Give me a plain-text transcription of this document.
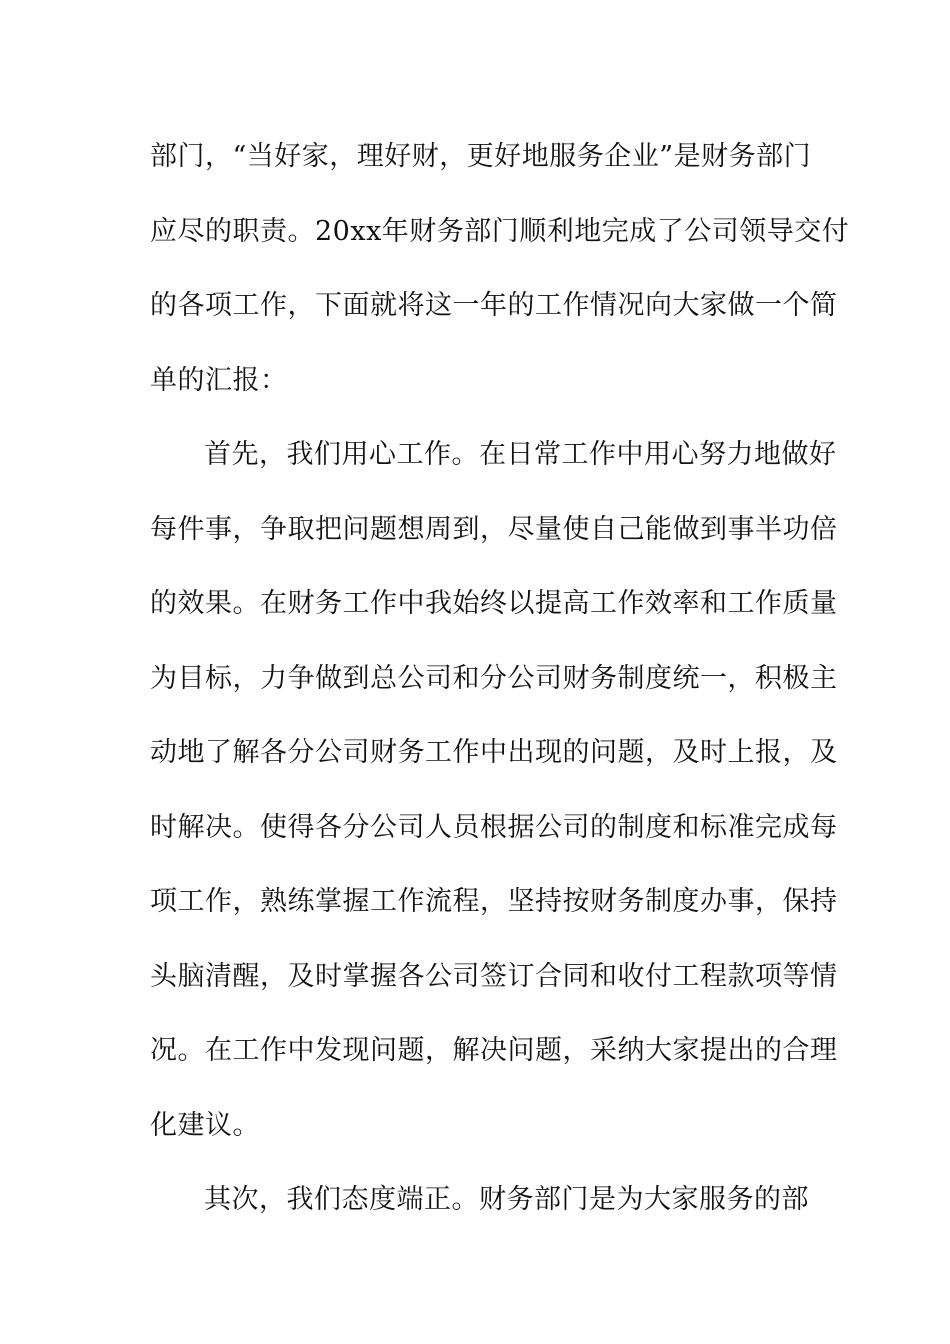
部门，“当好家，理好财，更好地服务企业”是财务部门
应尽的职责。20xx年财务部门顺利地完成了公司领导交付
的各项工作，下面就将这一年的工作情况向大家做一个简
单的汇报：
首先，我们用心工作。在日常工作中用心努力地做好
每件事，争取把问题想周到，尽量使自己能做到事半功倍
的效果。在财务工作中我始终以提高工作效率和工作质量
为目标，力争做到总公司和分公司财务制度统一，积极主
动地了解各分公司财务工作中出现的问题，及时上报，及
时解决。使得各分公司人员根据公司的制度和标准完成每
项工作，熟练掌握工作流程，坚持按财务制度办事，保持
头脑清醒，及时掌握各公司签订合同和收付工程款项等情
况。在工作中发现问题，解决问题，采纳大家提出的合理
化建议。
其次，我们态度端正。财务部门是为大家服务的部
